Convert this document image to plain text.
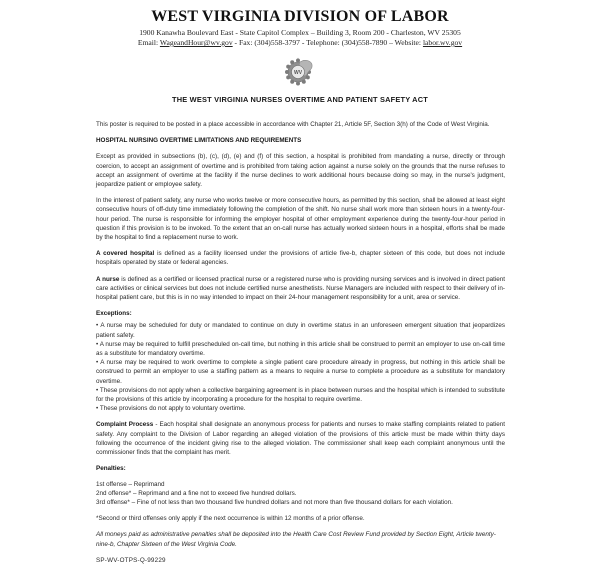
WEST VIRGINIA DIVISION OF LABOR
1900 Kanawha Boulevard East - State Capitol Complex – Building 3, Room 200 - Charleston, WV 25305
Email: WageandHour@wv.gov - Fax: (304)558-3797 - Telephone: (304)558-7890 – Website: labor.wv.gov
WV
THE WEST VIRGINIA NURSES OVERTIME AND PATIENT SAFETY ACT

This poster is required to be posted in a place accessible in accordance with Chapter 21, Article 5F, Section 3(h) of the Code of West Virginia.

HOSPITAL NURSING OVERTIME LIMITATIONS AND REQUIREMENTS

Except as provided in subsections (b), (c), (d), (e) and (f) of this section, a hospital is prohibited from mandating a nurse, directly or through coercion, to accept an assignment of overtime and is prohibited from taking action against a nurse solely on the grounds that the nurse refuses to accept an assignment of overtime at the facility if the nurse declines to work additional hours because doing so may, in the nurse's judgment, jeopardize patient or employee safety.

In the interest of patient safety, any nurse who works twelve or more consecutive hours, as permitted by this section, shall be allowed at least eight consecutive hours of off-duty time immediately following the completion of the shift. No nurse shall work more than sixteen hours in a twenty-four-hour period. The nurse is responsible for informing the employer hospital of other employment experience during the twenty-four-hour period in question if this provision is to be invoked. To the extent that an on-call nurse has actually worked sixteen hours in a hospital, efforts shall be made by the hospital to find a replacement nurse to work.

A covered hospital is defined as a facility licensed under the provisions of article five-b, chapter sixteen of this code, but does not include hospitals operated by state or federal agencies.

A nurse is defined as a certified or licensed practical nurse or a registered nurse who is providing nursing services and is involved in direct patient care activities or clinical services but does not include certified nurse anesthetists. Nurse Managers are included with respect to their delivery of in-hospital patient care, but this is in no way intended to impact on their 24-hour management responsibility for a unit, area or service.

Exceptions:

• A nurse may be scheduled for duty or mandated to continue on duty in overtime status in an unforeseen emergent situation that jeopardizes patient safety.
• A nurse may be required to fulfill prescheduled on-call time, but nothing in this article shall be construed to permit an employer to use on-call time as a substitute for mandatory overtime.
• A nurse may be required to work overtime to complete a single patient care procedure already in progress, but nothing in this article shall be construed to permit an employer to use a staffing pattern as a means to require a nurse to complete a procedure as a substitute for mandatory overtime.
• These provisions do not apply when a collective bargaining agreement is in place between nurses and the hospital which is intended to substitute for the provisions of this article by incorporating a procedure for the hospital to require overtime.
• These provisions do not apply to voluntary overtime.

Complaint Process - Each hospital shall designate an anonymous process for patients and nurses to make staffing complaints related to patient safety. Any complaint to the Division of Labor regarding an alleged violation of the provisions of this article must be made within thirty days following the occurrence of the incident giving rise to the alleged violation. The commissioner shall keep each complaint anonymous until the commissioner finds that the complaint has merit.

Penalties:

1st offense – Reprimand
2nd offense* – Reprimand and a fine not to exceed five hundred dollars.
3rd offense* – Fine of not less than two thousand five hundred dollars and not more than five thousand dollars for each violation.

*Second or third offenses only apply if the next occurrence is within 12 months of a prior offense.

All moneys paid as administrative penalties shall be deposited into the Health Care Cost Review Fund provided by Section Eight, Article twenty-nine-b, Chapter Sixteen of the West Virginia Code.

SP-WV-OTPS-Q-99229
